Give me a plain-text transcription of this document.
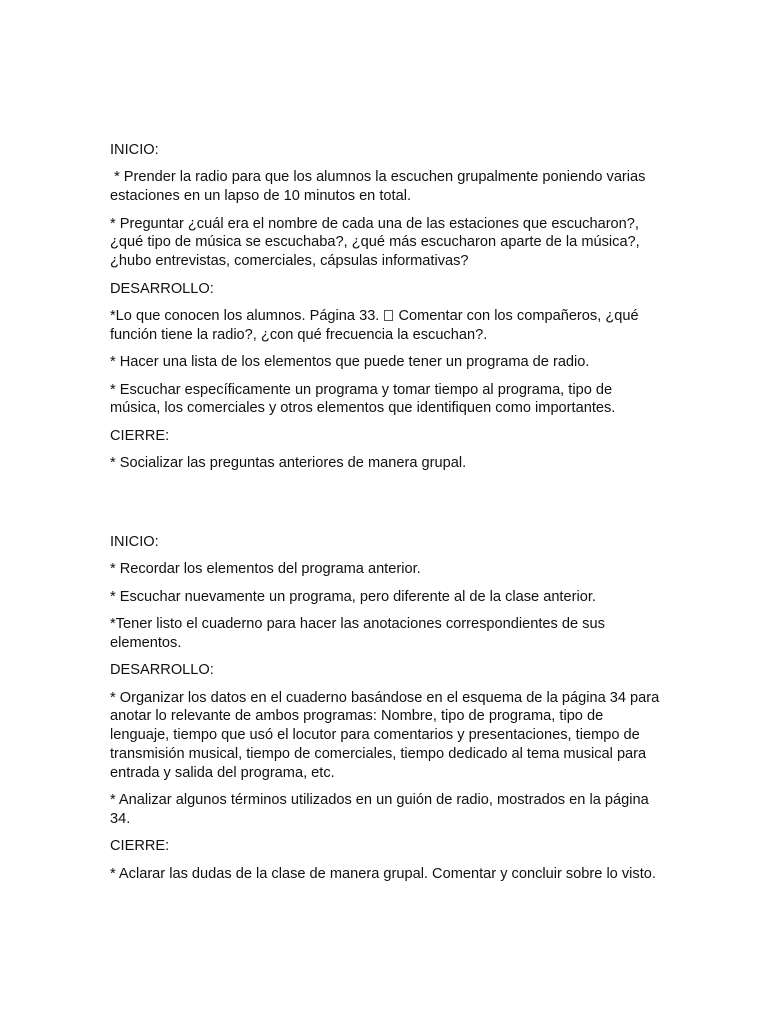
INICIO:

* Prender la radio para que los alumnos la escuchen grupalmente poniendo varias estaciones en un lapso de 10 minutos en total.

* Preguntar ¿cuál era el nombre de cada una de las estaciones que escucharon?, ¿qué tipo de música se escuchaba?, ¿qué más escucharon aparte de la música?, ¿hubo entrevistas, comerciales, cápsulas informativas?

DESARROLLO:

*Lo que conocen los alumnos. Página 33.  Comentar con los compañeros, ¿qué función tiene la radio?, ¿con qué frecuencia la escuchan?.

* Hacer una lista de los elementos que puede tener un programa de radio.

* Escuchar específicamente un programa y tomar tiempo al programa, tipo de música, los comerciales y otros elementos que identifiquen como importantes.

CIERRE:

* Socializar las preguntas anteriores de manera grupal.

INICIO:

* Recordar los elementos del programa anterior.

* Escuchar nuevamente un programa, pero diferente al de la clase anterior.

*Tener listo el cuaderno para hacer las anotaciones correspondientes de sus elementos.

DESARROLLO:

* Organizar los datos en el cuaderno basándose en el esquema de la página 34 para anotar lo relevante de ambos programas: Nombre, tipo de programa, tipo de lenguaje, tiempo que usó el locutor para comentarios y presentaciones, tiempo de transmisión musical, tiempo de comerciales, tiempo dedicado al tema musical para entrada y salida del programa, etc.

* Analizar algunos términos utilizados en un guión de radio, mostrados en la página 34.

CIERRE:

* Aclarar las dudas de la clase de manera grupal. Comentar y concluir sobre lo visto.
